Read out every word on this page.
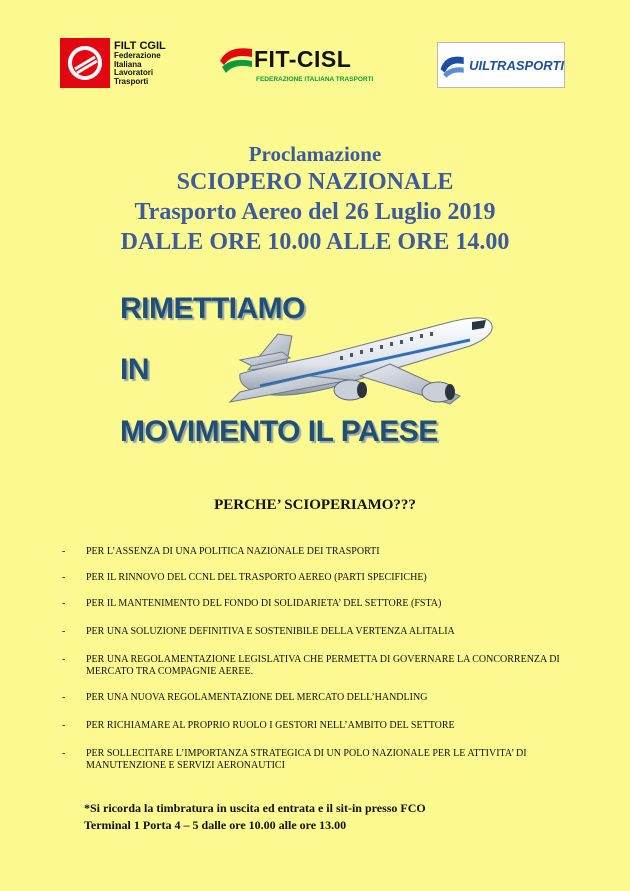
FILT CGIL
Federazione
Italiana
Lavoratori
Trasporti
FIT-CISL
FEDERAZIONE ITALIANA TRASPORTI
UILTRASPORTI
Proclamazione
SCIOPERO NAZIONALE
Trasporto Aereo del 26 Luglio 2019
DALLE ORE 10.00 ALLE ORE 14.00
RIMETTIAMO
IN
MOVIMENTO IL PAESE
PERCHE’ SCIOPERIAMO???
- PER L’ASSENZA DI UNA POLITICA NAZIONALE DEI TRASPORTI
- PER IL RINNOVO DEL CCNL DEL TRASPORTO AEREO (PARTI SPECIFICHE)
- PER IL MANTENIMENTO DEL FONDO DI SOLIDARIETA’ DEL SETTORE (FSTA)
- PER UNA SOLUZIONE DEFINITIVA E SOSTENIBILE DELLA VERTENZA ALITALIA
- PER UNA REGOLAMENTAZIONE LEGISLATIVA CHE PERMETTA DI GOVERNARE LA CONCORRENZA DI MERCATO TRA COMPAGNIE AEREE.
- PER UNA NUOVA REGOLAMENTAZIONE DEL MERCATO DELL’HANDLING
- PER RICHIAMARE AL PROPRIO RUOLO I GESTORI NELL’AMBITO DEL SETTORE
- PER SOLLECITARE L’IMPORTANZA STRATEGICA DI UN POLO NAZIONALE PER LE ATTIVITA’ DI MANUTENZIONE E SERVIZI AERONAUTICI
*Si ricorda la timbratura in uscita ed entrata e il sit-in presso FCO
Terminal 1 Porta 4 – 5 dalle ore 10.00 alle ore 13.00
